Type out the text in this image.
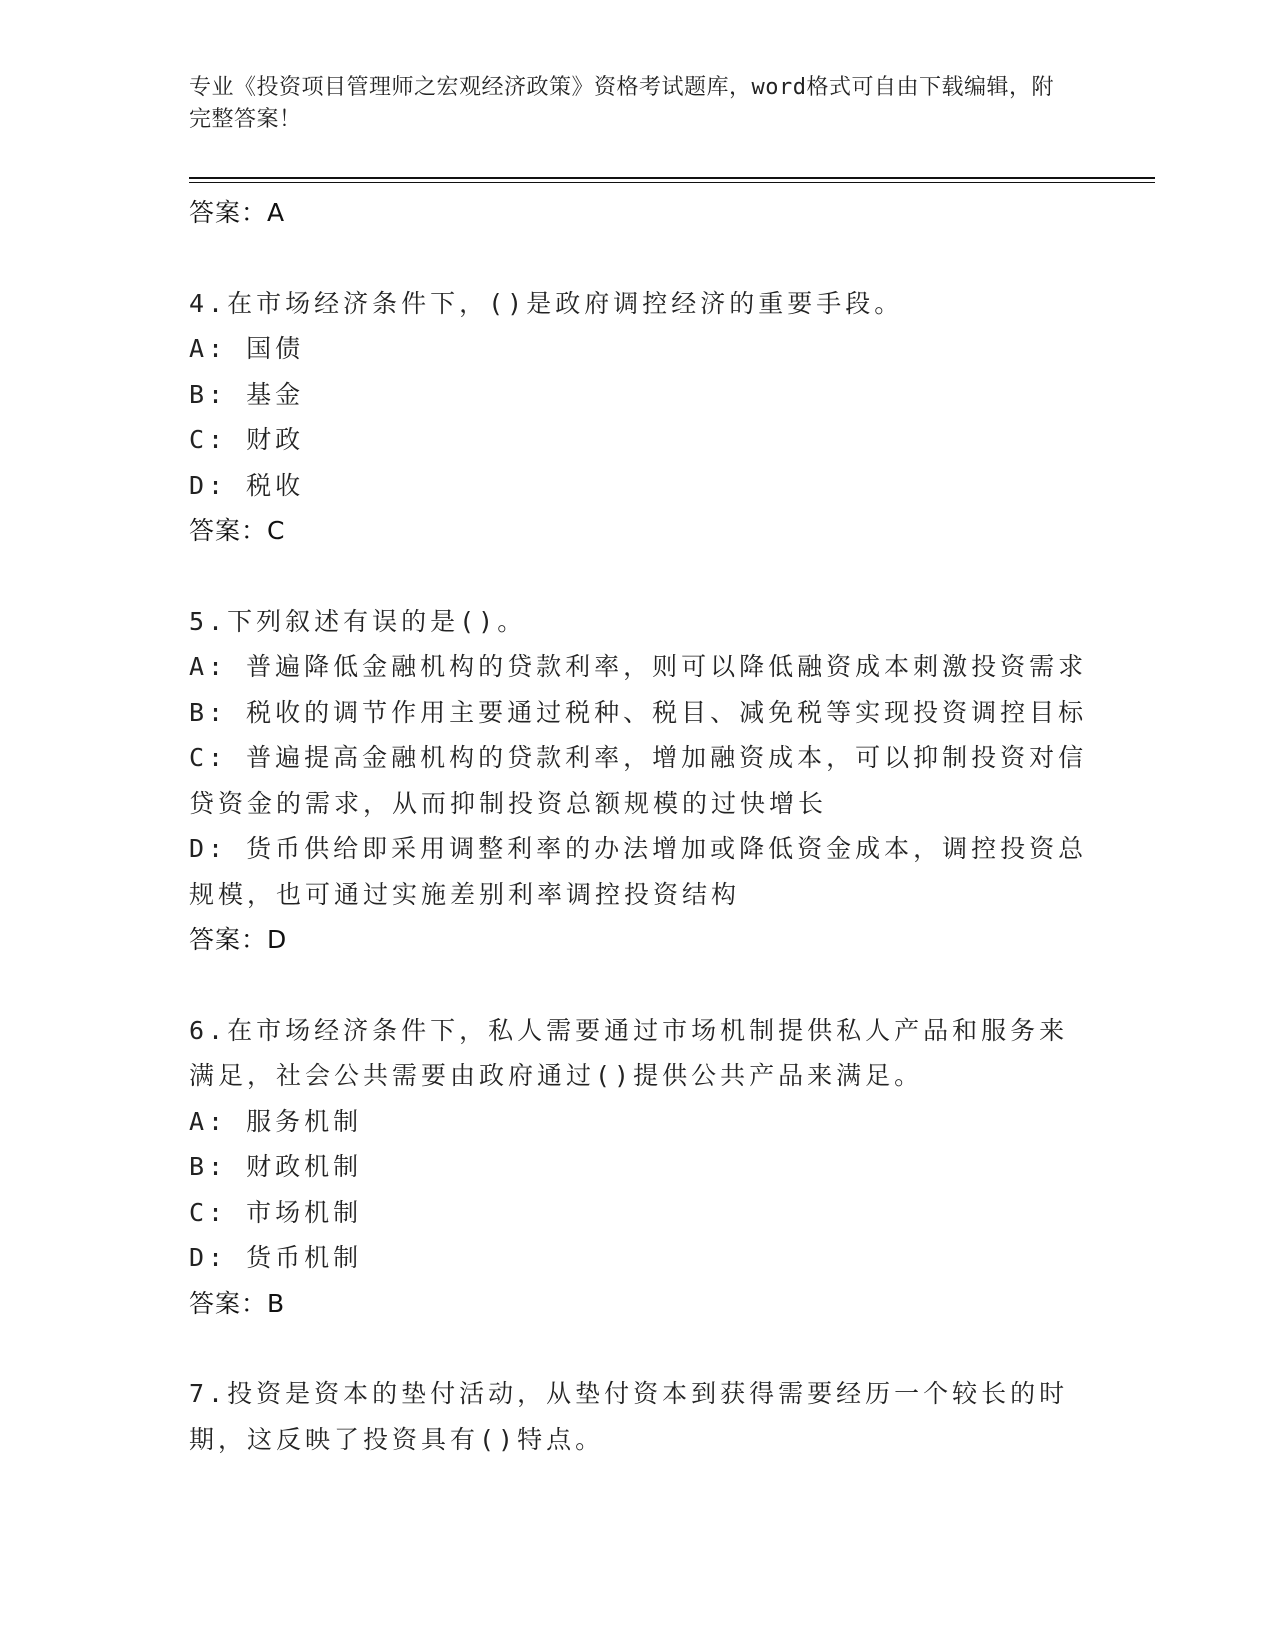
专业《投资项目管理师之宏观经济政策》资格考试题库，word格式可自由下载编辑，附完整答案！
答案：A
4.在市场经济条件下，()是政府调控经济的重要手段。
A: 国债
B: 基金
C: 财政
D: 税收
答案：C
5.下列叙述有误的是()。
A: 普遍降低金融机构的贷款利率，则可以降低融资成本刺激投资需求
B: 税收的调节作用主要通过税种、税目、减免税等实现投资调控目标
C: 普遍提高金融机构的贷款利率，增加融资成本，可以抑制投资对信贷资金的需求，从而抑制投资总额规模的过快增长
D: 货币供给即采用调整利率的办法增加或降低资金成本，调控投资总规模，也可通过实施差别利率调控投资结构
答案：D
6.在市场经济条件下，私人需要通过市场机制提供私人产品和服务来满足，社会公共需要由政府通过()提供公共产品来满足。
A: 服务机制
B: 财政机制
C: 市场机制
D: 货币机制
答案：B
7.投资是资本的垫付活动，从垫付资本到获得需要经历一个较长的时期，这反映了投资具有()特点。
